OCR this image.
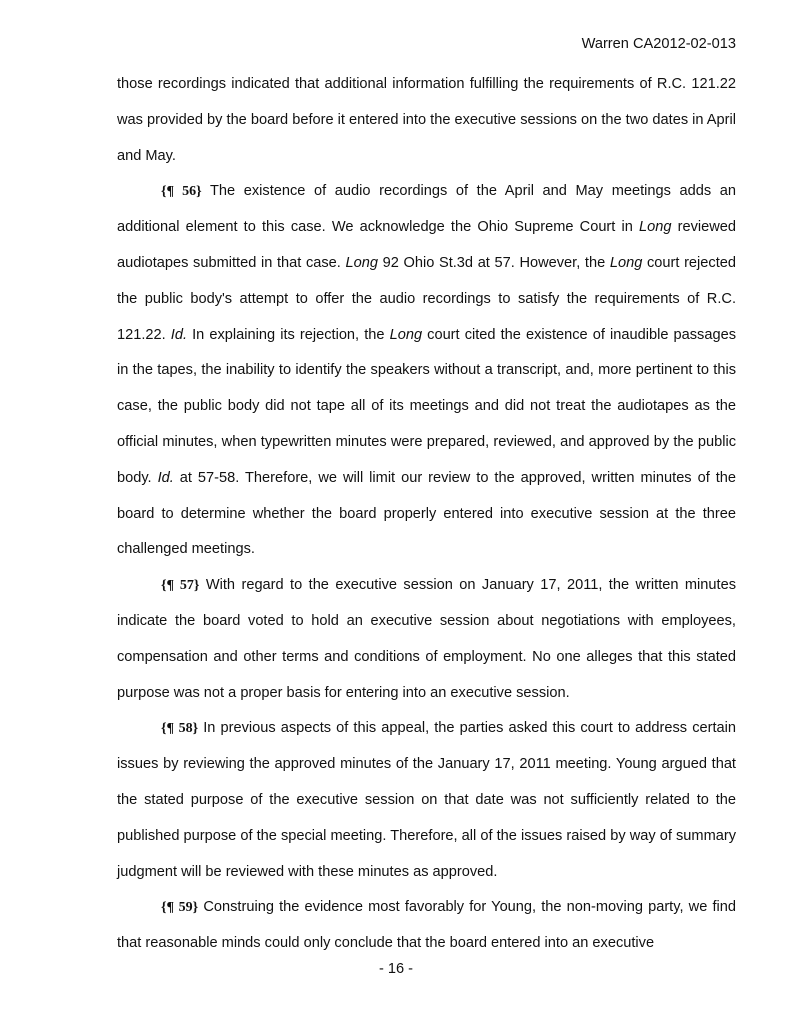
Warren CA2012-02-013

those recordings indicated that additional information fulfilling the requirements of R.C. 121.22 was provided by the board before it entered into the executive sessions on the two dates in April and May.

{¶ 56} The existence of audio recordings of the April and May meetings adds an additional element to this case. We acknowledge the Ohio Supreme Court in Long reviewed audiotapes submitted in that case. Long 92 Ohio St.3d at 57. However, the Long court rejected the public body's attempt to offer the audio recordings to satisfy the requirements of R.C. 121.22. Id. In explaining its rejection, the Long court cited the existence of inaudible passages in the tapes, the inability to identify the speakers without a transcript, and, more pertinent to this case, the public body did not tape all of its meetings and did not treat the audiotapes as the official minutes, when typewritten minutes were prepared, reviewed, and approved by the public body. Id. at 57-58. Therefore, we will limit our review to the approved, written minutes of the board to determine whether the board properly entered into executive session at the three challenged meetings.

{¶ 57} With regard to the executive session on January 17, 2011, the written minutes indicate the board voted to hold an executive session about negotiations with employees, compensation and other terms and conditions of employment. No one alleges that this stated purpose was not a proper basis for entering into an executive session.

{¶ 58} In previous aspects of this appeal, the parties asked this court to address certain issues by reviewing the approved minutes of the January 17, 2011 meeting. Young argued that the stated purpose of the executive session on that date was not sufficiently related to the published purpose of the special meeting. Therefore, all of the issues raised by way of summary judgment will be reviewed with these minutes as approved.

{¶ 59} Construing the evidence most favorably for Young, the non-moving party, we find that reasonable minds could only conclude that the board entered into an executive

- 16 -
